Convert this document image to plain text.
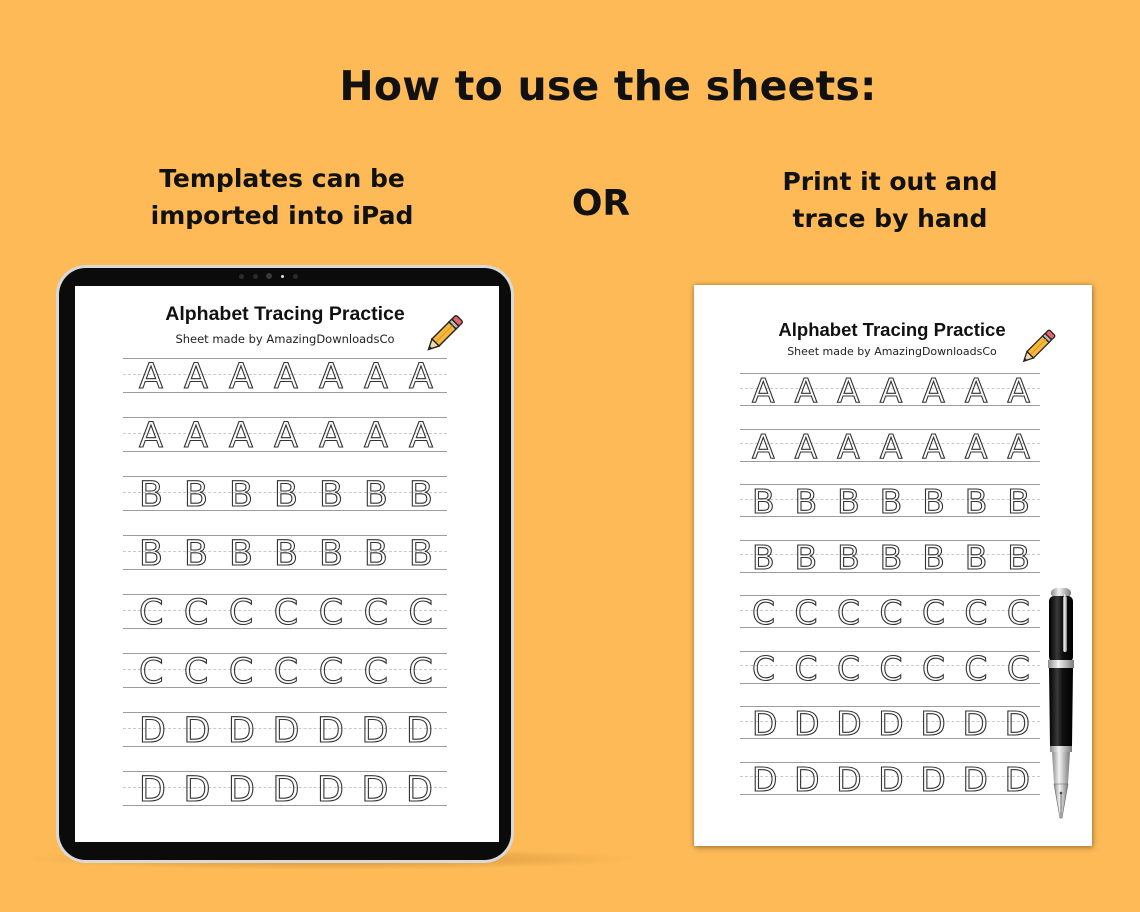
How to use the sheets:
Templates can be
imported into iPad	OR
Print it out and
trace by hand
Alphabet Tracing Practice
Sheet made by AmazingDownloadsCo
A A A A A A A
A A A A A A A
B B B B B B B
B B B B B B B
C C C C C C C
C C C C C C C
D D D D D D D
D D D D D D D
Alphabet Tracing Practice
Sheet made by AmazingDownloadsCo
A A A A A A A
A A A A A A A
B B B B B B B
B B B B B B B
C C C C C C C
C C C C C C C
D D D D D D D
D D D D D D D
